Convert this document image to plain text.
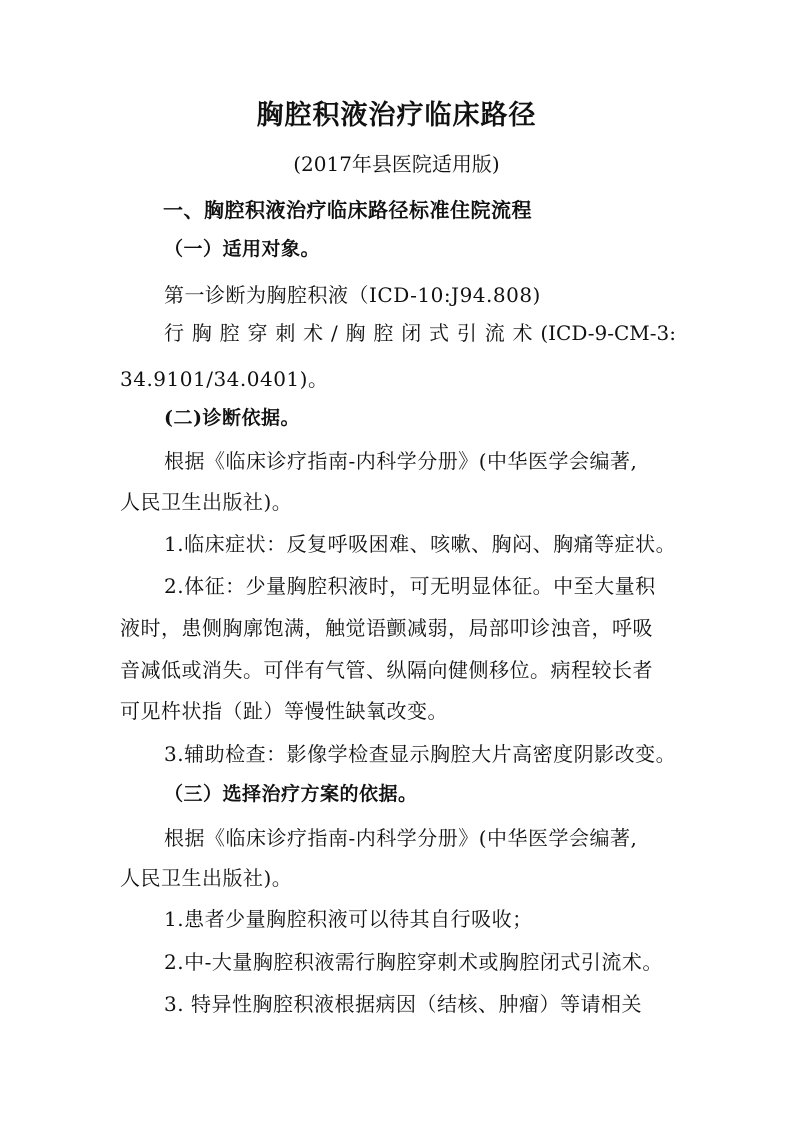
胸腔积液治疗临床路径
(2017年县医院适用版)
一、胸腔积液治疗临床路径标准住院流程
（一）适用对象。
第一诊断为胸腔积液（ICD-10:J94.808)
行 胸 腔 穿 刺 术 / 胸 腔 闭 式 引 流 术 (ICD-9-CM-3:
34.9101/34.0401)。
(二)诊断依据。
根据《临床诊疗指南-内科学分册》(中华医学会编著,
人民卫生出版社)。
1.临床症状：反复呼吸困难、咳嗽、胸闷、胸痛等症状。
2.体征：少量胸腔积液时，可无明显体征。中至大量积
液时，患侧胸廓饱满，触觉语颤减弱，局部叩诊浊音，呼吸
音减低或消失。可伴有气管、纵隔向健侧移位。病程较长者
可见杵状指（趾）等慢性缺氧改变。
3.辅助检查：影像学检查显示胸腔大片高密度阴影改变。
（三）选择治疗方案的依据。
根据《临床诊疗指南-内科学分册》(中华医学会编著,
人民卫生出版社)。
1.患者少量胸腔积液可以待其自行吸收；
2.中-大量胸腔积液需行胸腔穿刺术或胸腔闭式引流术。
3. 特异性胸腔积液根据病因（结核、肿瘤）等请相关
